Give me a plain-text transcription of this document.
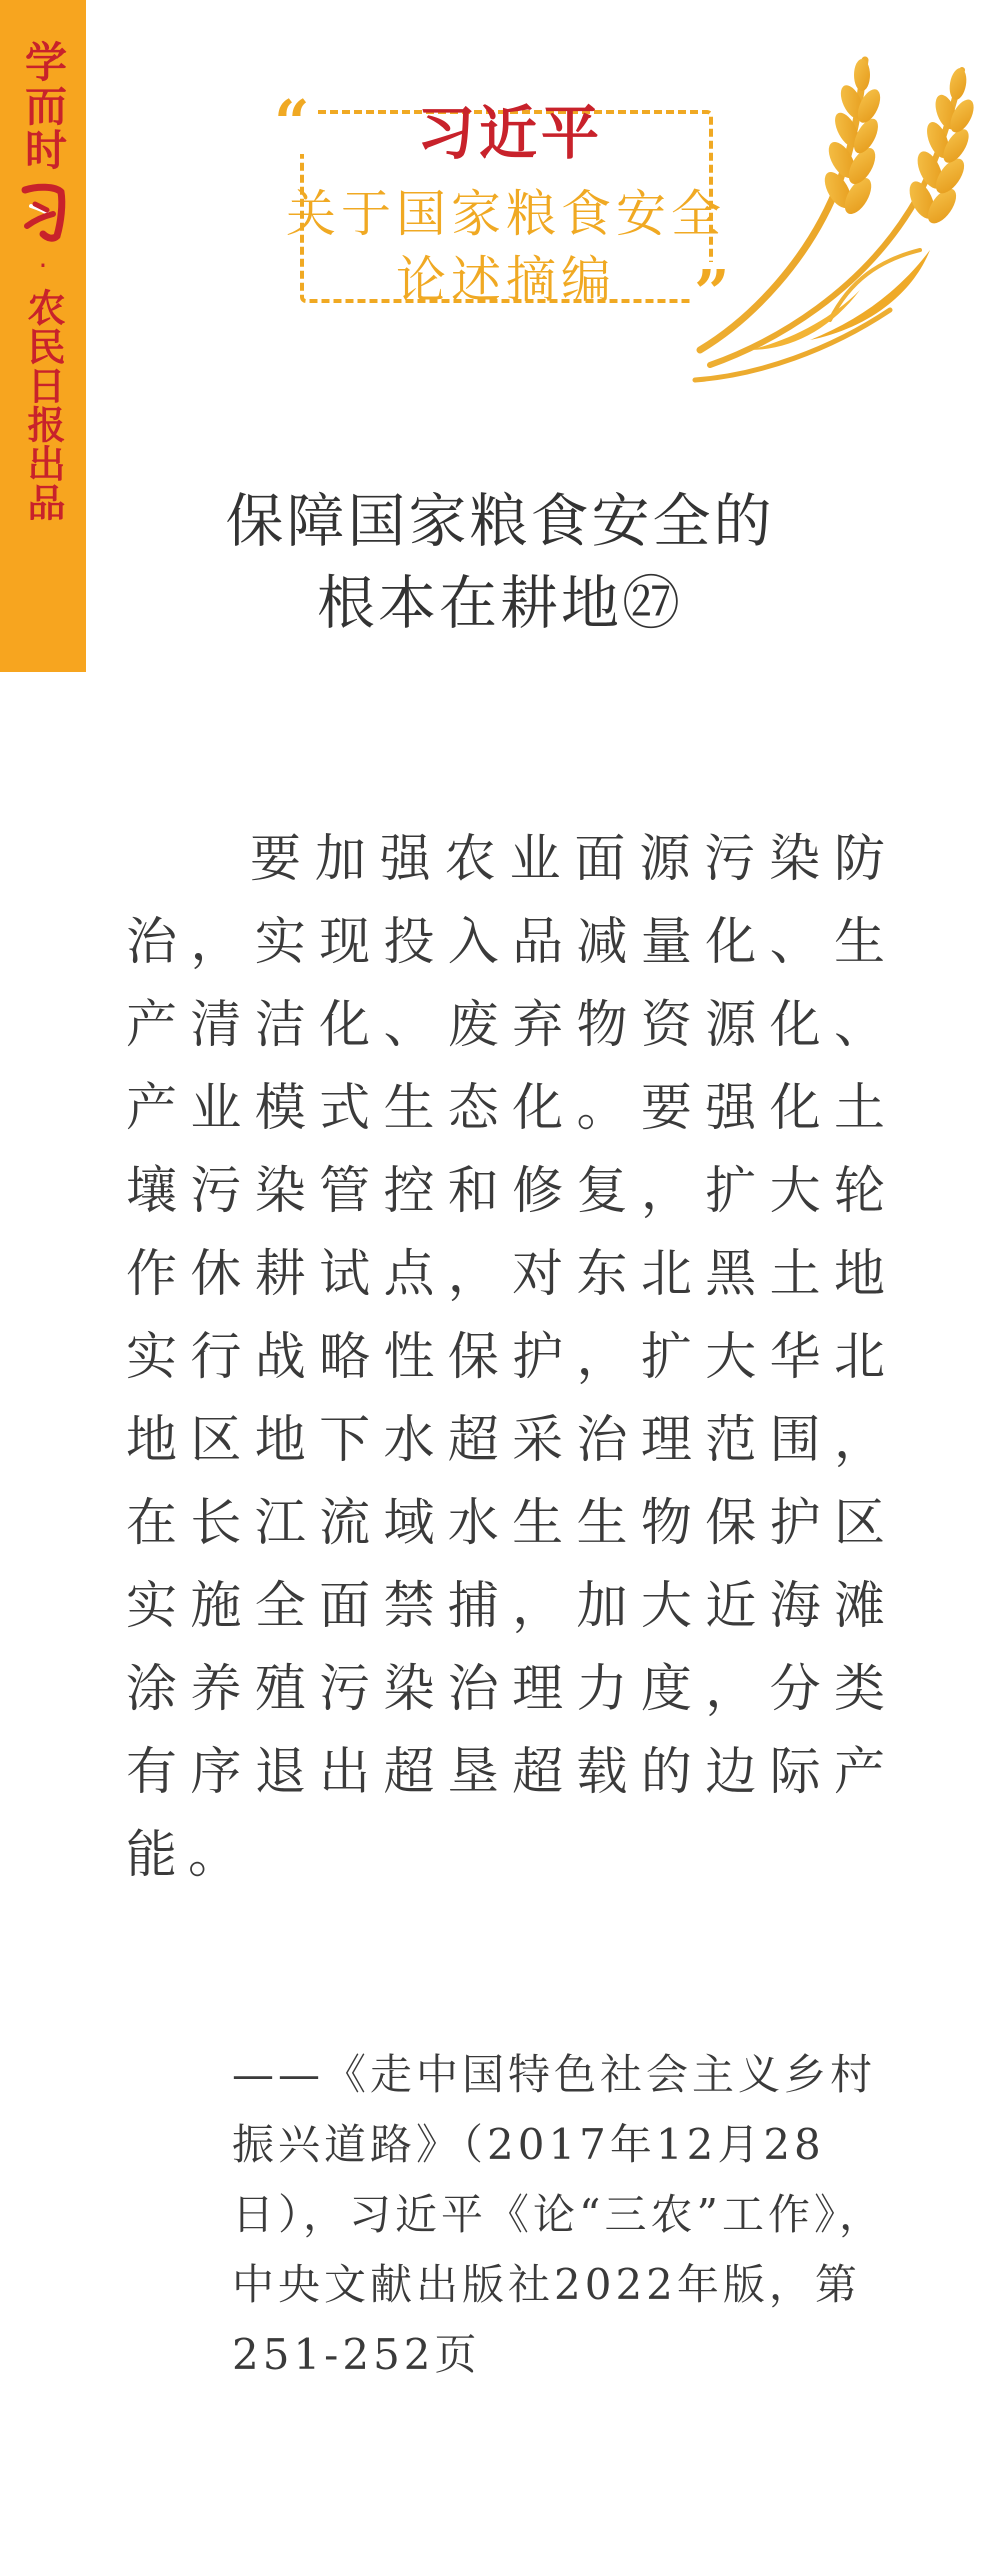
学而时
·
农民日报出品
“
”
习近平
关于国家粮食安全
论述摘编
保障国家粮食安全的
根本在耕地㉗

要加强农业面源污染防治，实现投入品减量化、生产清洁化、废弃物资源化、产业模式生态化。要强化土壤污染管控和修复，扩大轮作休耕试点，对东北黑土地实行战略性保护，扩大华北地区地下水超采治理范围，在长江流域水生生物保护区实施全面禁捕，加大近海滩涂养殖污染治理力度，分类有序退出超垦超载的边际产能。

——《走中国特色社会主义乡村振兴道路》（2017年12月28日），习近平《论“三农”工作》，中央文献出版社2022年版，第251-252页
